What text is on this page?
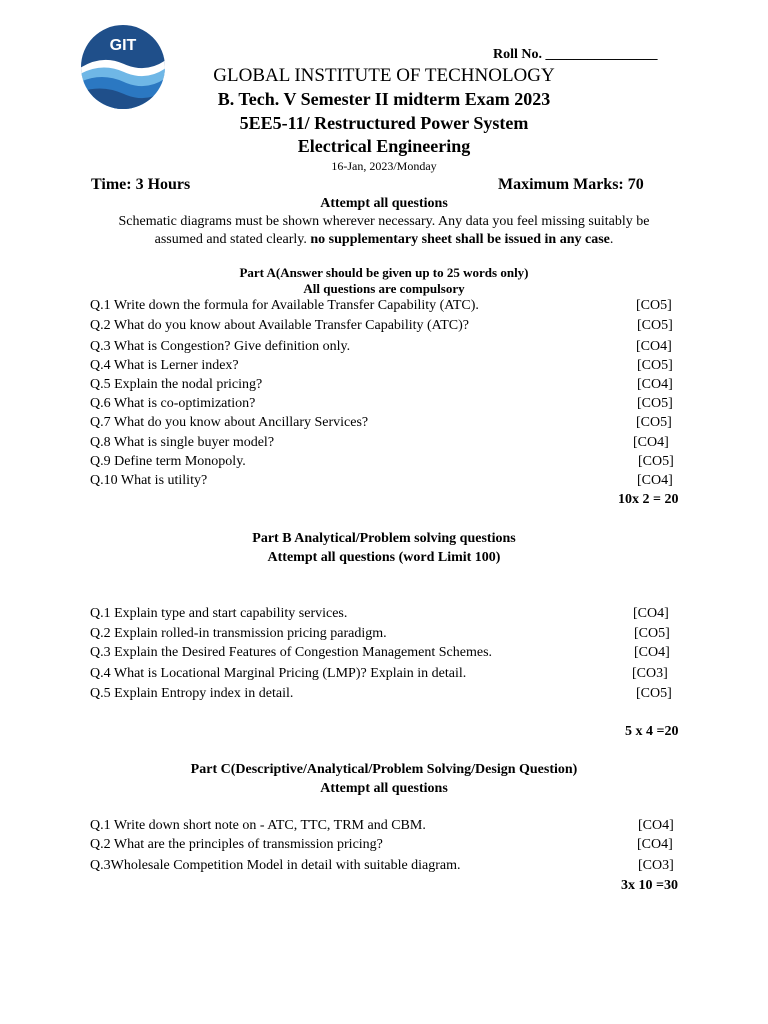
GIT
Roll No. ________________
GLOBAL INSTITUTE OF TECHNOLOGY
B. Tech. V Semester II midterm Exam 2023
5EE5-11/ Restructured Power System
Electrical Engineering
16-Jan, 2023/Monday
Time: 3 Hours	Maximum Marks: 70
Attempt all questions
Schematic diagrams must be shown wherever necessary. Any data you feel missing suitably be
assumed and stated clearly. no supplementary sheet shall be issued in any case.
Part A(Answer should be given up to 25 words only)
All questions are compulsory
Q.1 Write down the formula for Available Transfer Capability (ATC).	[CO5]
Q.2 What do you know about Available Transfer Capability (ATC)?	[CO5]
Q.3 What is Congestion? Give definition only.	[CO4]
Q.4 What is Lerner index?	[CO5]
Q.5 Explain the nodal pricing?	[CO4]
Q.6 What is co-optimization?	[CO5]
Q.7 What do you know about Ancillary Services?	[CO5]
Q.8 What is single buyer model?	[CO4]
Q.9 Define term Monopoly.	[CO5]
Q.10 What is utility?	[CO4]
10x 2 = 20
Part B Analytical/Problem solving questions
Attempt all questions (word Limit 100)
Q.1 Explain type and start capability services.	[CO4]
Q.2 Explain rolled-in transmission pricing paradigm.	[CO5]
Q.3 Explain the Desired Features of Congestion Management Schemes.	[CO4]
Q.4 What is Locational Marginal Pricing (LMP)? Explain in detail.	[CO3]
Q.5 Explain Entropy index in detail.	[CO5]
5 x 4 =20
Part C(Descriptive/Analytical/Problem Solving/Design Question)
Attempt all questions
Q.1 Write down short note on - ATC, TTC, TRM and CBM.	[CO4]
Q.2 What are the principles of transmission pricing?	[CO4]
Q.3Wholesale Competition Model in detail with suitable diagram.	[CO3]
3x 10 =30
